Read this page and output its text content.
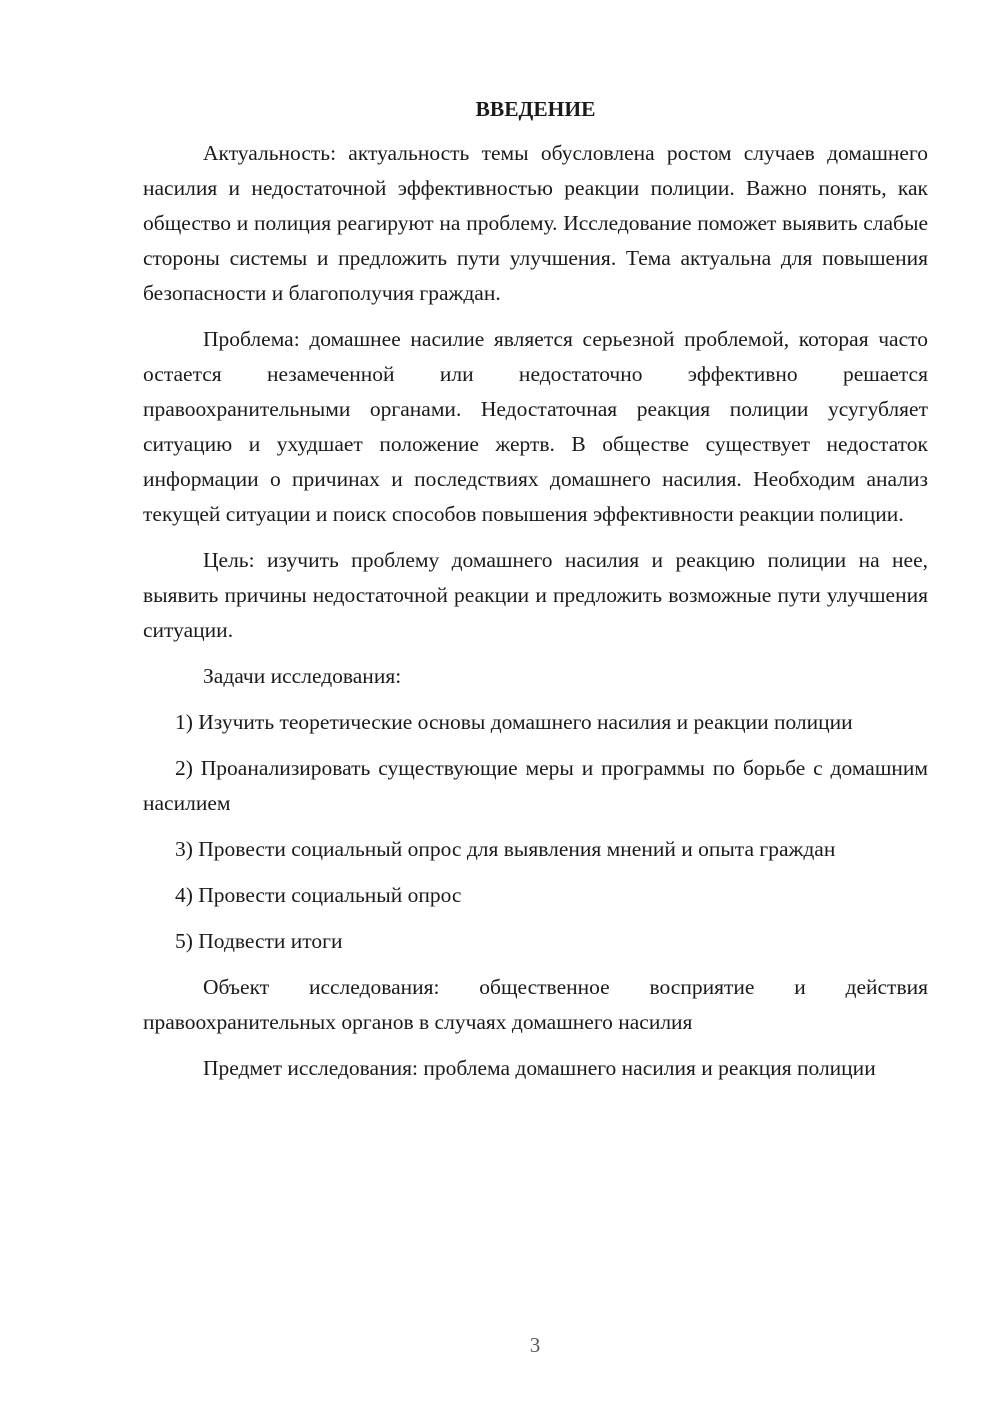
ВВЕДЕНИЕ
Актуальность: актуальность темы обусловлена ростом случаев домашнего насилия и недостаточной эффективностью реакции полиции. Важно понять, как общество и полиция реагируют на проблему. Исследование поможет выявить слабые стороны системы и предложить пути улучшения. Тема актуальна для повышения безопасности и благополучия граждан.
Проблема: домашнее насилие является серьезной проблемой, которая часто остается незамеченной или недостаточно эффективно решается правоохранительными органами. Недостаточная реакция полиции усугубляет ситуацию и ухудшает положение жертв. В обществе существует недостаток информации о причинах и последствиях домашнего насилия. Необходим анализ текущей ситуации и поиск способов повышения эффективности реакции полиции.
Цель: изучить проблему домашнего насилия и реакцию полиции на нее, выявить причины недостаточной реакции и предложить возможные пути улучшения ситуации.
Задачи исследования:
1) Изучить теоретические основы домашнего насилия и реакции полиции
2) Проанализировать существующие меры и программы по борьбе с домашним насилием
3) Провести социальный опрос для выявления мнений и опыта граждан
4) Провести социальный опрос
5) Подвести итоги
Объект исследования: общественное восприятие и действия правоохранительных органов в случаях домашнего насилия
Предмет исследования: проблема домашнего насилия и реакция полиции
3
